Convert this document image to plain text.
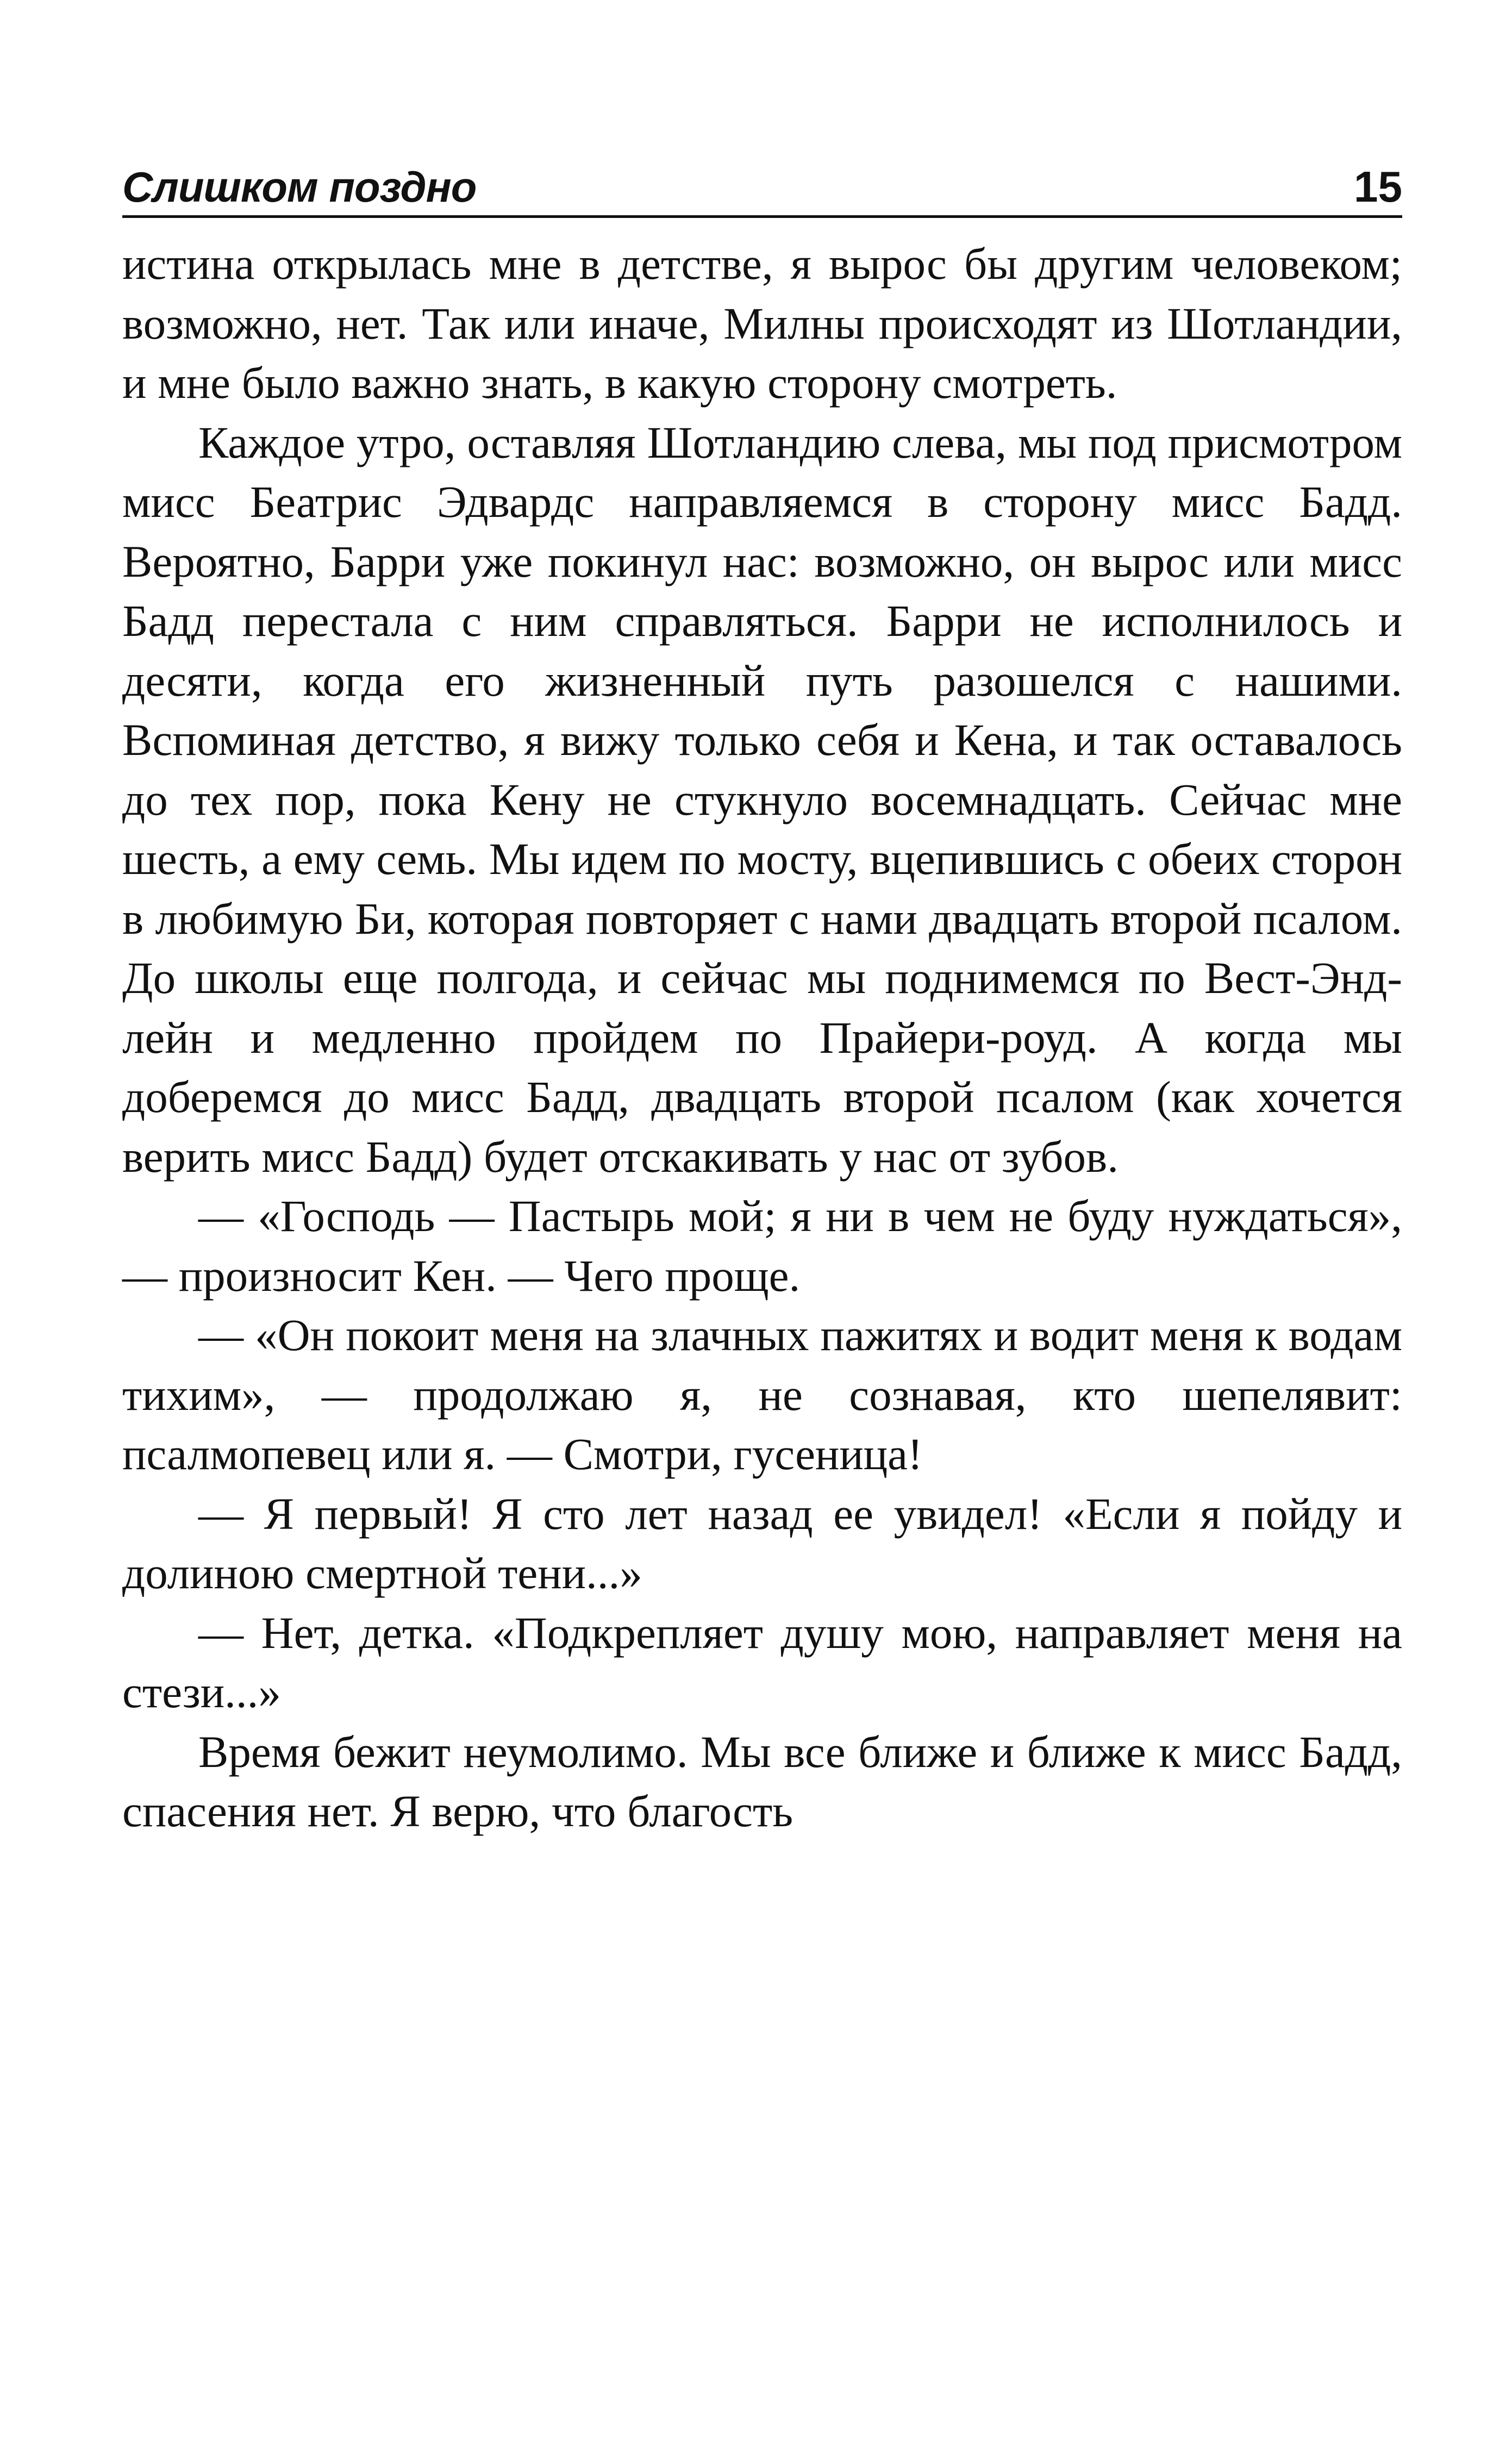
Слишком поздно	15

истина открылась мне в детстве, я вырос бы другим человеком; возможно, нет. Так или иначе, Милны происходят из Шотландии, и мне было важно знать, в какую сторону смотреть.

Каждое утро, оставляя Шотландию слева, мы под присмотром мисс Беатрис Эдвардс направляемся в сторону мисс Бадд. Вероятно, Барри уже покинул нас: возможно, он вырос или мисс Бадд перестала с ним справляться. Барри не исполнилось и десяти, когда его жизненный путь разошелся с нашими. Вспоминая детство, я вижу только себя и Кена, и так оставалось до тех пор, пока Кену не стукнуло восемнадцать. Сейчас мне шесть, а ему семь. Мы идем по мосту, вцепившись с обеих сторон в любимую Би, которая повторяет с нами двадцать второй псалом. До школы еще полгода, и сейчас мы поднимемся по Вест-Энд-лейн и медленно пройдем по Прайери-роуд. А когда мы доберемся до мисс Бадд, двадцать второй псалом (как хочется верить мисс Бадд) будет отскакивать у нас от зубов.

— «Господь — Пастырь мой; я ни в чем не буду нуждаться», — произносит Кен. — Чего проще.

— «Он покоит меня на злачных пажитях и водит меня к водам тихим», — продолжаю я, не сознавая, кто шепелявит: псалмопевец или я. — Смотри, гусеница!

— Я первый! Я сто лет назад ее увидел! «Если я пойду и долиною смертной тени...»

— Нет, детка. «Подкрепляет душу мою, направляет меня на стези...»

Время бежит неумолимо. Мы все ближе и ближе к мисс Бадд, спасения нет. Я верю, что благость
